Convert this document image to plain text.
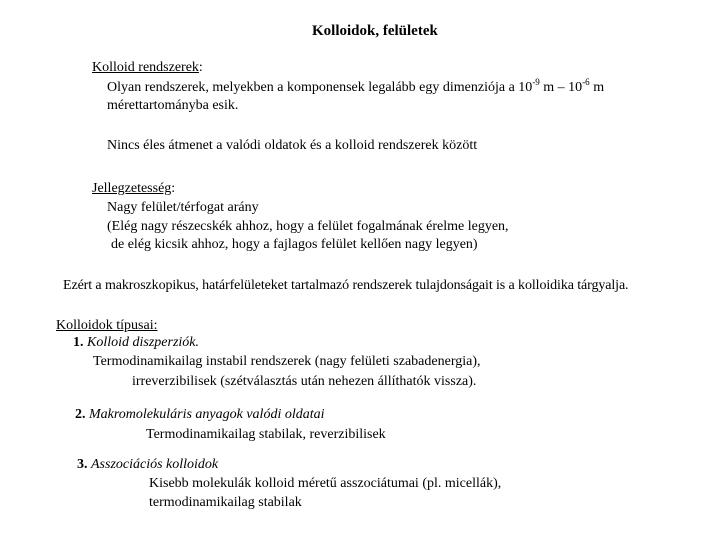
Kolloidok, felületek
Kolloid rendszerek:
Olyan rendszerek, melyekben a komponensek legalább egy dimenziója a $10^{-9}$ m – $10^{-6}$ m
mérettartományba esik.
Nincs éles átmenet a valódi oldatok és a kolloid rendszerek között
Jellegzetesség:
Nagy felület/térfogat arány
(Elég nagy részecskék ahhoz, hogy a felület fogalmának érelme legyen,
de elég kicsik ahhoz, hogy a fajlagos felület kellően nagy legyen)
Ezért a makroszkopikus, határfelületeket tartalmazó rendszerek tulajdonságait is a kolloidika tárgyalja.
Kolloidok típusai:
1. Kolloid diszperziók.
Termodinamikailag instabil rendszerek (nagy felületi szabadenergia),
irreverzibilisek (szétválasztás után nehezen állíthatók vissza).
2. Makromolekuláris anyagok valódi oldatai
Termodinamikailag stabilak, reverzibilisek
3. Asszociációs kolloidok
Kisebb molekulák kolloid méretű asszociátumai (pl. micellák),
termodinamikailag stabilak
